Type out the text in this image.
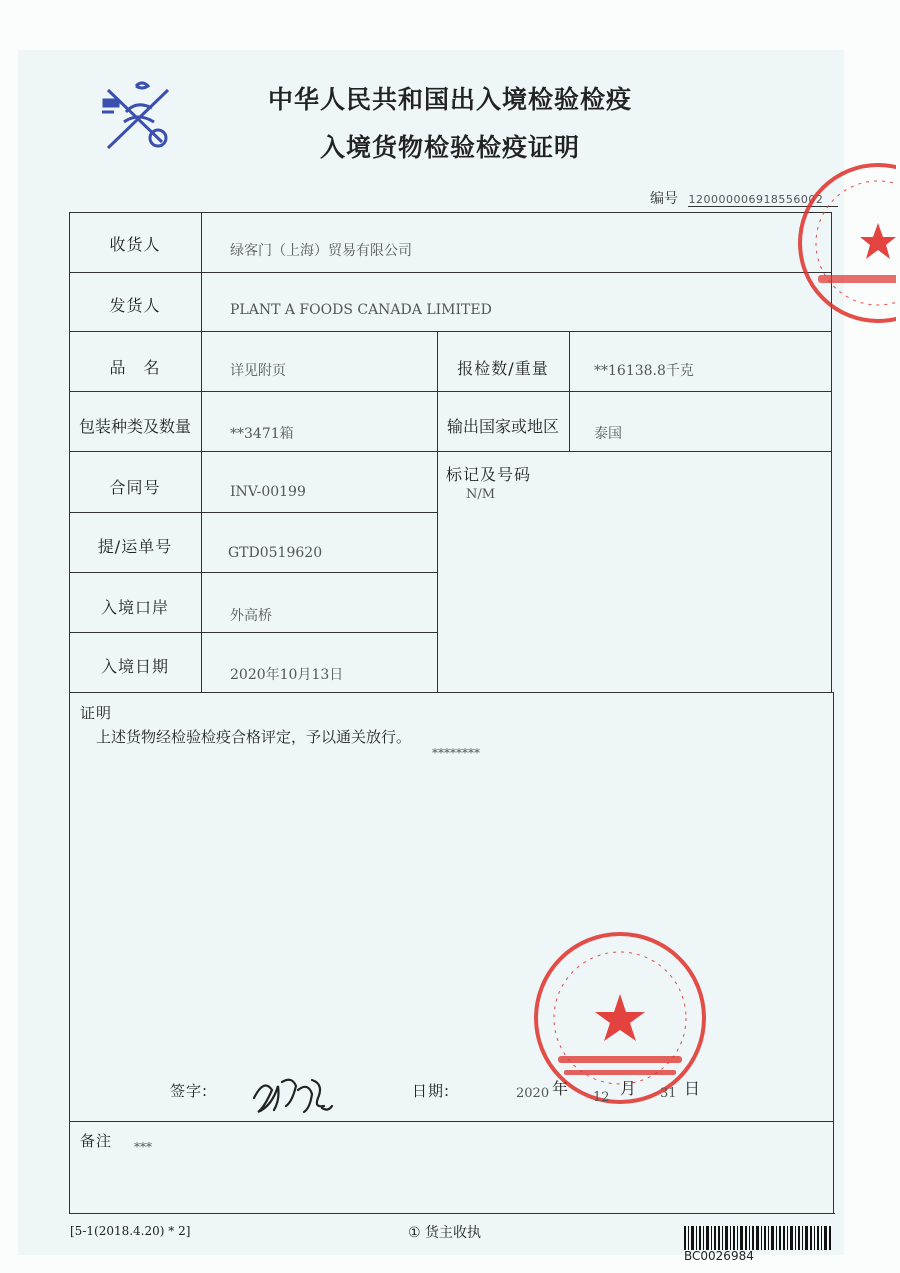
中华人民共和国出入境检验检疫
入境货物检验检疫证明
编号 120000006918556002
收货人	绿客门（上海）贸易有限公司
发货人	PLANT A FOODS CANADA LIMITED
品　名	详见附页	报检数/重量	**16138.8千克
包装种类及数量	**3471箱	输出国家或地区	泰国
合同号	INV-00199
标记及号码
N/M
提/运单号	GTD0519620
入境口岸	外高桥
入境日期	2020年10月13日
证明
上述货物经检验检疫合格评定，予以通关放行。
********
签字:	日期:	2020 年 12 月 31 日
备注 ***
[5-1(2018.4.20) * 2]	① 货主收执
BC0026984
